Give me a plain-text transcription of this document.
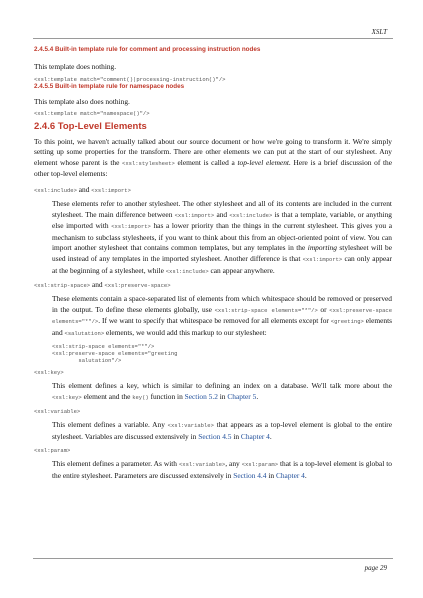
XSLT
2.4.5.4 Built-in template rule for comment and processing instruction nodes

This template does nothing.

<xsl:template match="comment()|processing-instruction()"/>
2.4.5.5 Built-in template rule for namespace nodes

This template also does nothing.

<xsl:template match="namespace()"/>
2.4.6 Top-Level Elements

To this point, we haven't actually talked about our source document or how we're going to transform it. We're simply setting up some properties for the transform. There are other elements we can put at the start of our stylesheet. Any element whose parent is the <xsl:stylesheet> element is called a top-level element. Here is a brief discussion of the other top-level elements:

<xsl:include> and <xsl:import>

These elements refer to another stylesheet. The other stylesheet and all of its contents are included in the current stylesheet. The main difference between <xsl:import> and <xsl:include> is that a template, variable, or anything else imported with <xsl:import> has a lower priority than the things in the current stylesheet. This gives you a mechanism to subclass stylesheets, if you want to think about this from an object-oriented point of view. You can import another stylesheet that contains common templates, but any templates in the importing stylesheet will be used instead of any templates in the imported stylesheet. Another difference is that <xsl:import> can only appear at the beginning of a stylesheet, while <xsl:include> can appear anywhere.

<xsl:strip-space> and <xsl:preserve-space>

These elements contain a space-separated list of elements from which whitespace should be removed or preserved in the output. To define these elements globally, use <xsl:strip-space elements="*"/> or <xsl:preserve-space elements="*"/>. If we want to specify that whitespace be removed for all elements except for <greeting> elements and <salutation> elements, we would add this markup to our stylesheet:

<xsl:strip-space elements="*"/>
<xsl:preserve-space elements="greeting
salutation"/>

<xsl:key>

This element defines a key, which is similar to defining an index on a database. We'll talk more about the <xsl:key> element and the key() function in Section 5.2 in Chapter 5.

<xsl:variable>

This element defines a variable. Any <xsl:variable> that appears as a top-level element is global to the entire stylesheet. Variables are discussed extensively in Section 4.5 in Chapter 4.

<xsl:param>

This element defines a parameter. As with <xsl:variable>, any <xsl:param> that is a top-level element is global to the entire stylesheet. Parameters are discussed extensively in Section 4.4 in Chapter 4.

page 29
